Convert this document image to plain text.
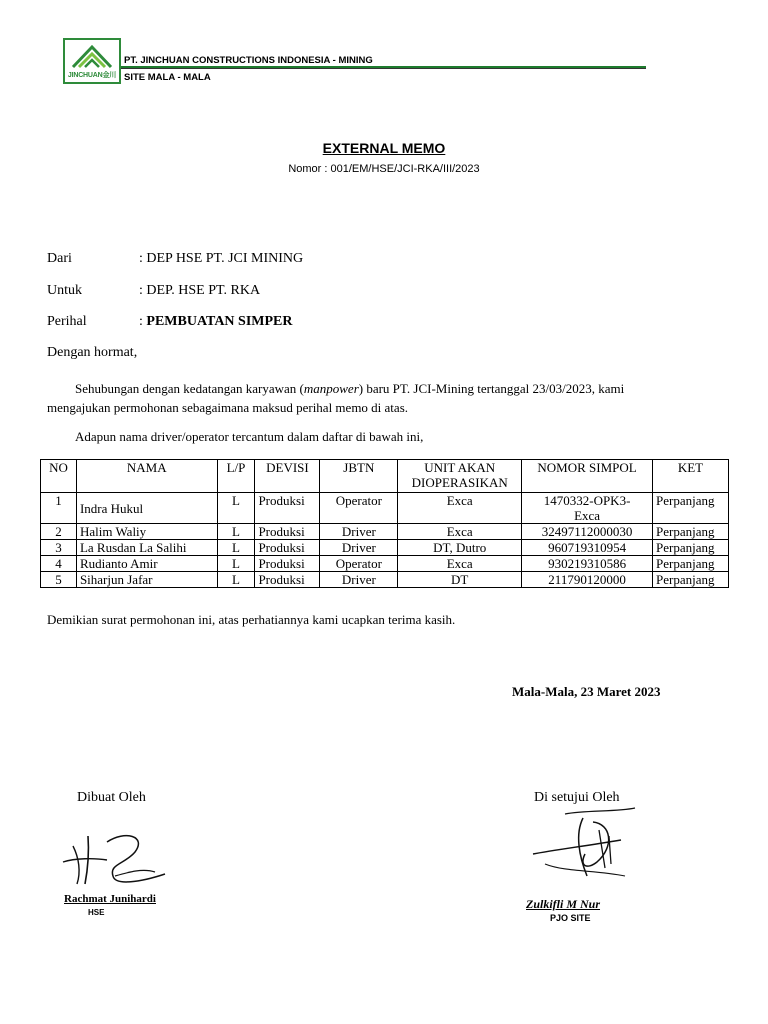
JINCHUAN金川
PT. JINCHUAN CONSTRUCTIONS INDONESIA - MINING
SITE MALA - MALA
EXTERNAL MEMO
Nomor : 001/EM/HSE/JCI-RKA/III/2023
Dari	: DEP HSE PT. JCI MINING
Untuk	: DEP. HSE PT. RKA
Perihal	: PEMBUATAN SIMPER
Dengan hormat,
Sehubungan dengan kedatangan karyawan (manpower) baru PT. JCI-Mining tertanggal 23/03/2023, kami
mengajukan permohonan sebagaimana maksud perihal memo di atas.
Adapun nama driver/operator tercantum dalam daftar di bawah ini,
NO	NAMA	L/P	DEVISI	JBTN	UNIT AKAN DIOPERASIKAN	NOMOR SIMPOL	KET
1	Indra Hukul	L	Produksi	Operator	Exca	1470332-OPK3-Exca	Perpanjang
2	Halim Waliy	L	Produksi	Driver	Exca	32497112000030	Perpanjang
3	La Rusdan La Salihi	L	Produksi	Driver	DT, Dutro	960719310954	Perpanjang
4	Rudianto Amir	L	Produksi	Operator	Exca	930219310586	Perpanjang
5	Siharjun Jafar	L	Produksi	Driver	DT	211790120000	Perpanjang
Demikian surat permohonan ini, atas perhatiannya kami ucapkan terima kasih.
Mala-Mala, 23 Maret 2023
Dibuat Oleh	Di setujui Oleh
Rachmat Junihardi
HSE
Zulkifli M Nur
PJO SITE
